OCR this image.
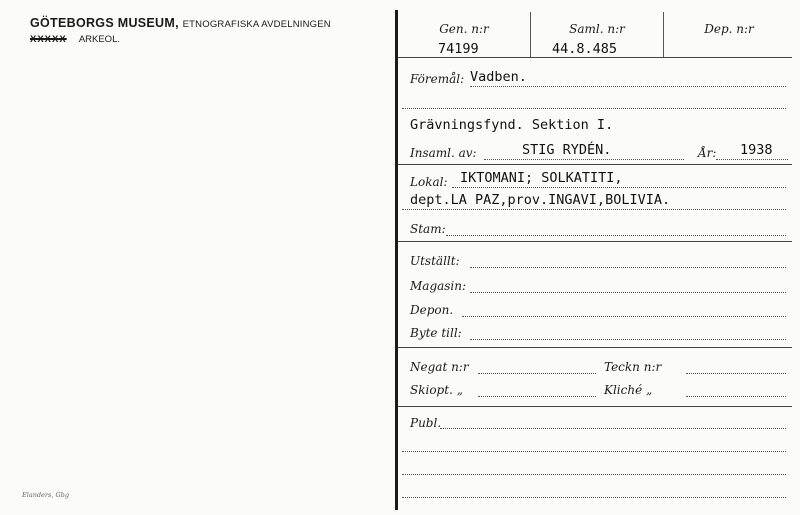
GÖTEBORGS MUSEUM, ETNOGRAFISKA AVDELNINGEN
XXXXX ARKEOL.
Elanders, Gbg
Gen. n:r	Saml. n:r	Dep. n:r
74199	44.8.485
Föremål: Vadben.
Grävningsfynd. Sektion I.
Insaml. av:	STIG RYDÉN.	År: 1938
Lokal: IKTOMANI; SOLKATITI,
dept.LA PAZ,prov.INGAVI,BOLIVIA.
Stam:
Utställt:
Magasin:
Depon.
Byte till:
Negat n:r	Teckn n:r
Skiopt. „	Kliché „
Publ.
